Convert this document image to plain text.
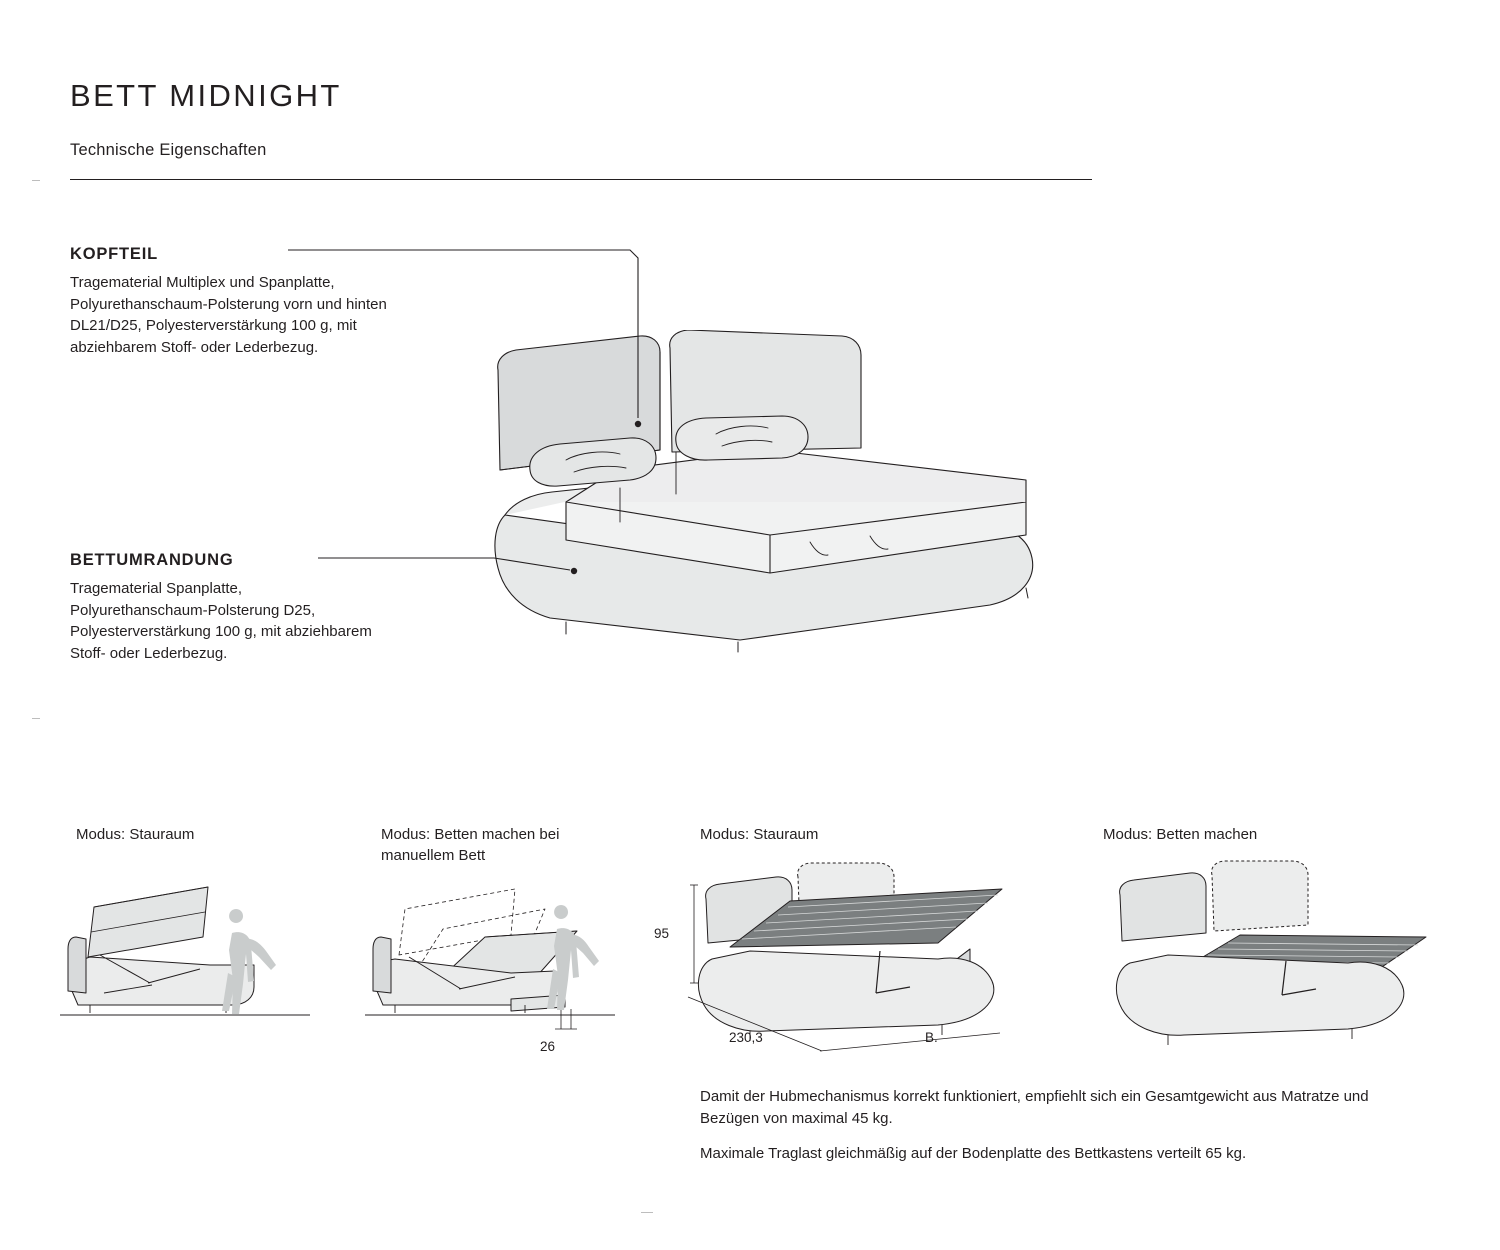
BETT MIDNIGHT
Technische Eigenschaften
KOPFTEIL
Tragematerial Multiplex und Spanplatte, Polyurethanschaum-Polsterung vorn und hinten DL21/D25, Polyesterverstärkung 100 g, mit abziehbarem Stoff- oder Lederbezug.
BETTUMRANDUNG
Tragematerial Spanplatte, Polyurethanschaum-Polsterung D25, Polyesterverstärkung 100 g, mit abziehbarem Stoff- oder Lederbezug.
Modus: Stauraum	Modus: Betten machen bei manuellem Bett
Modus: Stauraum	Modus: Betten machen
26
95
230,3	B.
Damit der Hubmechanismus korrekt funktioniert, empfiehlt sich ein Gesamtgewicht aus Matratze und Bezügen von maximal 45 kg.
Maximale Traglast gleichmäßig auf der Bodenplatte des Bettkastens verteilt 65 kg.
